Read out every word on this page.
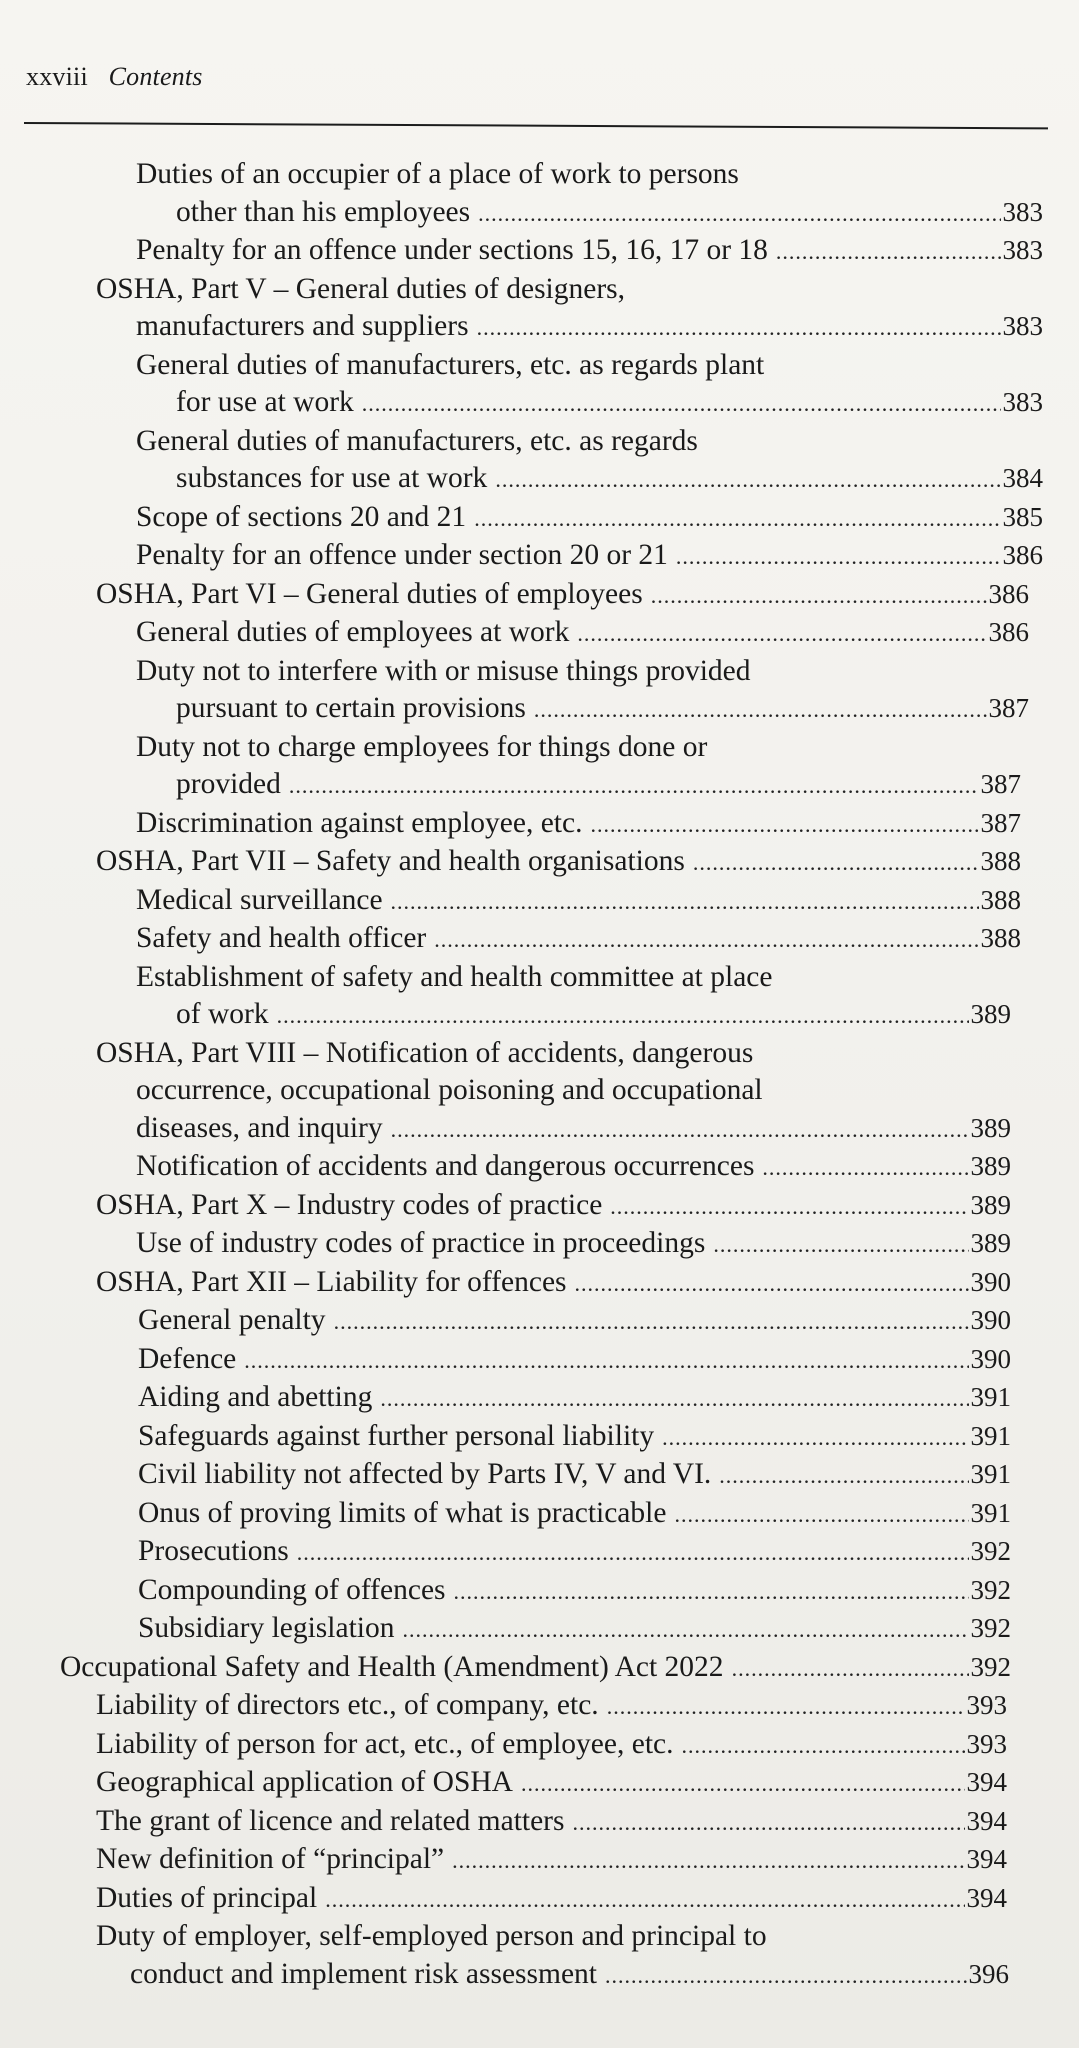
xxviii Contents
Duties of an occupier of a place of work to persons
other than his employees .....	383
Penalty for an offence under sections 15, 16, 17 or 18 .....	383
OSHA, Part V – General duties of designers,
manufacturers and suppliers .....	383
General duties of manufacturers, etc. as regards plant
for use at work .....	383
General duties of manufacturers, etc. as regards
substances for use at work .....	384
Scope of sections 20 and 21 .....	385
Penalty for an offence under section 20 or 21 .....	386
OSHA, Part VI – General duties of employees .....	386
General duties of employees at work .....	386
Duty not to interfere with or misuse things provided
pursuant to certain provisions .....	387
Duty not to charge employees for things done or
provided .....	387
Discrimination against employee, etc. .....	387
OSHA, Part VII – Safety and health organisations .....	388
Medical surveillance .....	388
Safety and health officer .....	388
Establishment of safety and health committee at place
of work .....	389
OSHA, Part VIII – Notification of accidents, dangerous
occurrence, occupational poisoning and occupational
diseases, and inquiry .....	389
Notification of accidents and dangerous occurrences .....	389
OSHA, Part X – Industry codes of practice .....	389
Use of industry codes of practice in proceedings .....	389
OSHA, Part XII – Liability for offences .....	390
General penalty .....	390
Defence .....	390
Aiding and abetting .....	391
Safeguards against further personal liability .....	391
Civil liability not affected by Parts IV, V and VI. .....	391
Onus of proving limits of what is practicable .....	391
Prosecutions .....	392
Compounding of offences .....	392
Subsidiary legislation .....	392
Occupational Safety and Health (Amendment) Act 2022 .....	392
Liability of directors etc., of company, etc. .....	393
Liability of person for act, etc., of employee, etc. .....	393
Geographical application of OSHA .....	394
The grant of licence and related matters .....	394
New definition of “principal” .....	394
Duties of principal .....	394
Duty of employer, self-employed person and principal to
conduct and implement risk assessment .....	396
